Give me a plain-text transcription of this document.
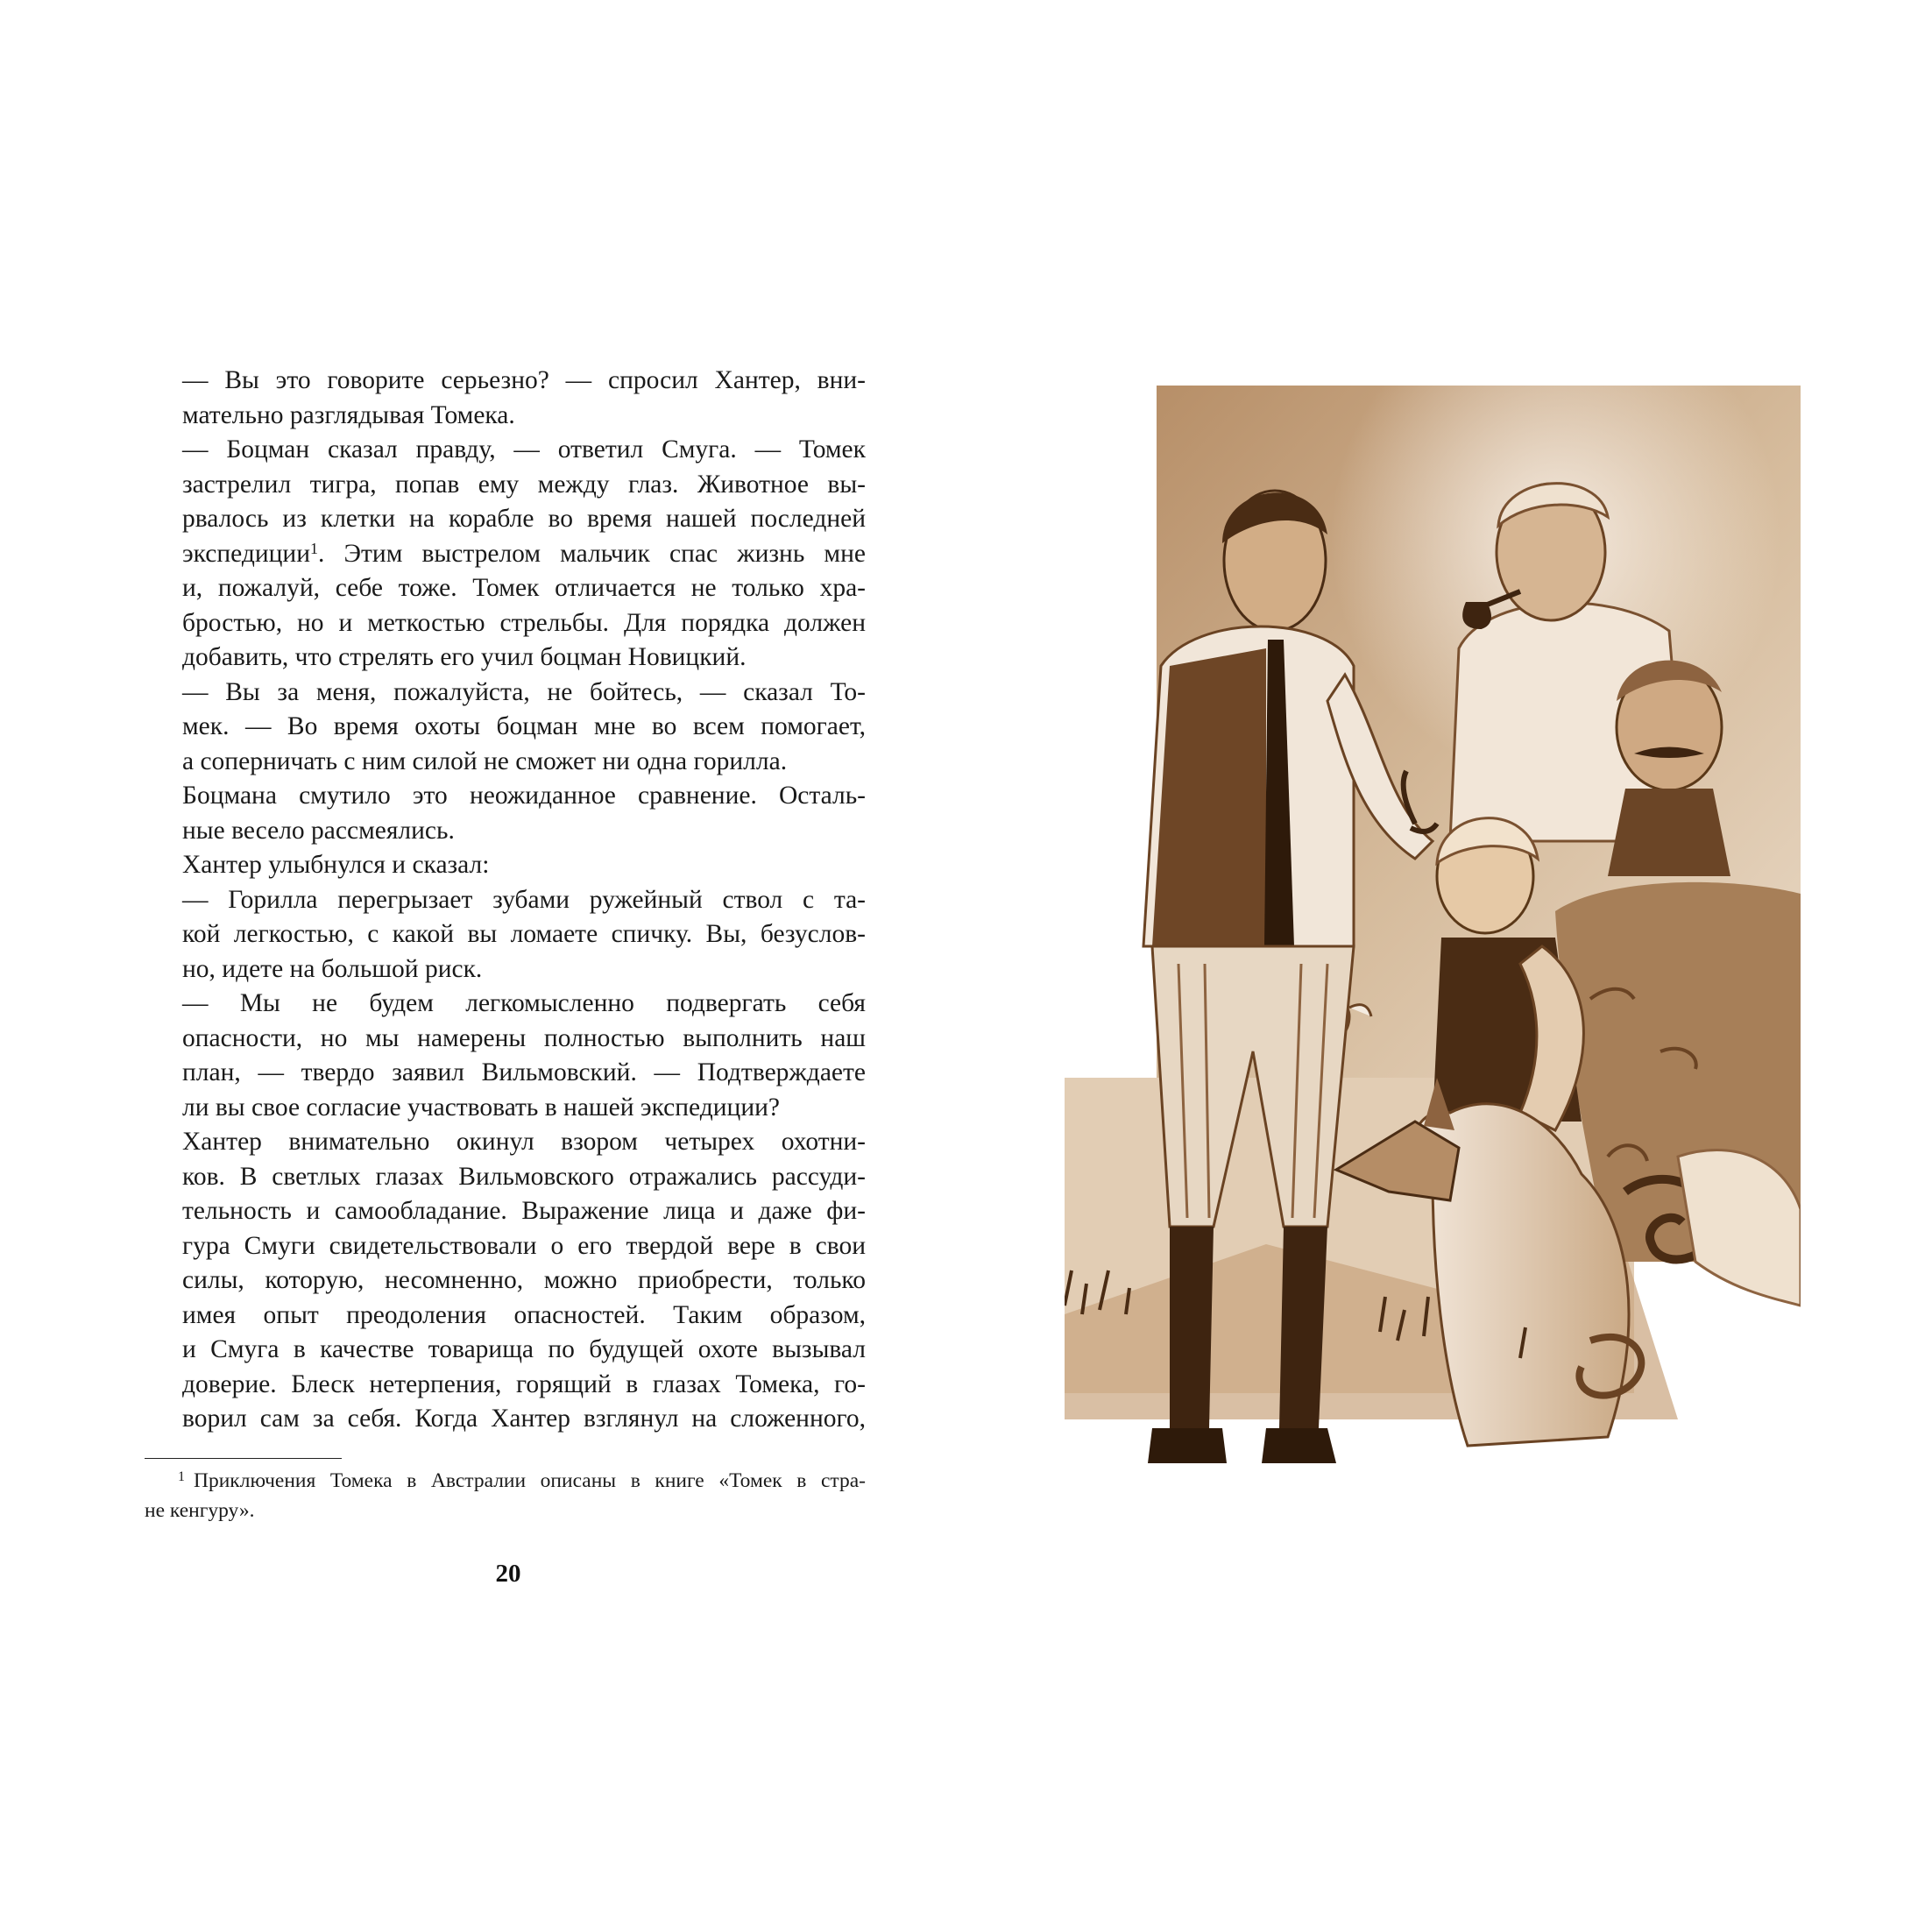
— Вы это говорите серьезно? — спросил Хантер, вни-
мательно разглядывая Томека.

— Боцман сказал правду, — ответил Смуга. — Томек
застрелил тигра, попав ему между глаз. Животное вы-
рвалось из клетки на корабле во время нашей последней
экспедиции$^1$. Этим выстрелом мальчик спас жизнь мне
и, пожалуй, себе тоже. Томек отличается не только хра-
бростью, но и меткостью стрельбы. Для порядка должен
добавить, что стрелять его учил боцман Новицкий.

— Вы за меня, пожалуйста, не бойтесь, — сказал То-
мек. — Во время охоты боцман мне во всем помогает,
а соперничать с ним силой не сможет ни одна горилла.

Боцмана смутило это неожиданное сравнение. Осталь-
ные весело рассмеялись.

Хантер улыбнулся и сказал:

— Горилла перегрызает зубами ружейный ствол с та-
кой легкостью, с какой вы ломаете спичку. Вы, безуслов-
но, идете на большой риск.

— Мы не будем легкомысленно подвергать себя
опасности, но мы намерены полностью выполнить наш
план, — твердо заявил Вильмовский. — Подтверждаете
ли вы свое согласие участвовать в нашей экспедиции?

Хантер внимательно окинул взором четырех охотни-
ков. В светлых глазах Вильмовского отражались рассуди-
тельность и самообладание. Выражение лица и даже фи-
гура Смуги свидетельствовали о его твердой вере в свои
силы, которую, несомненно, можно приобрести, только
имея опыт преодоления опасностей. Таким образом,
и Смуга в качестве товарища по будущей охоте вызывал
доверие. Блеск нетерпения, горящий в глазах Томека, го-
ворил сам за себя. Когда Хантер взглянул на сложенного,

$^1$ Приключения Томека в Австралии описаны в книге «Томек в стра-
не кенгуру».
20
